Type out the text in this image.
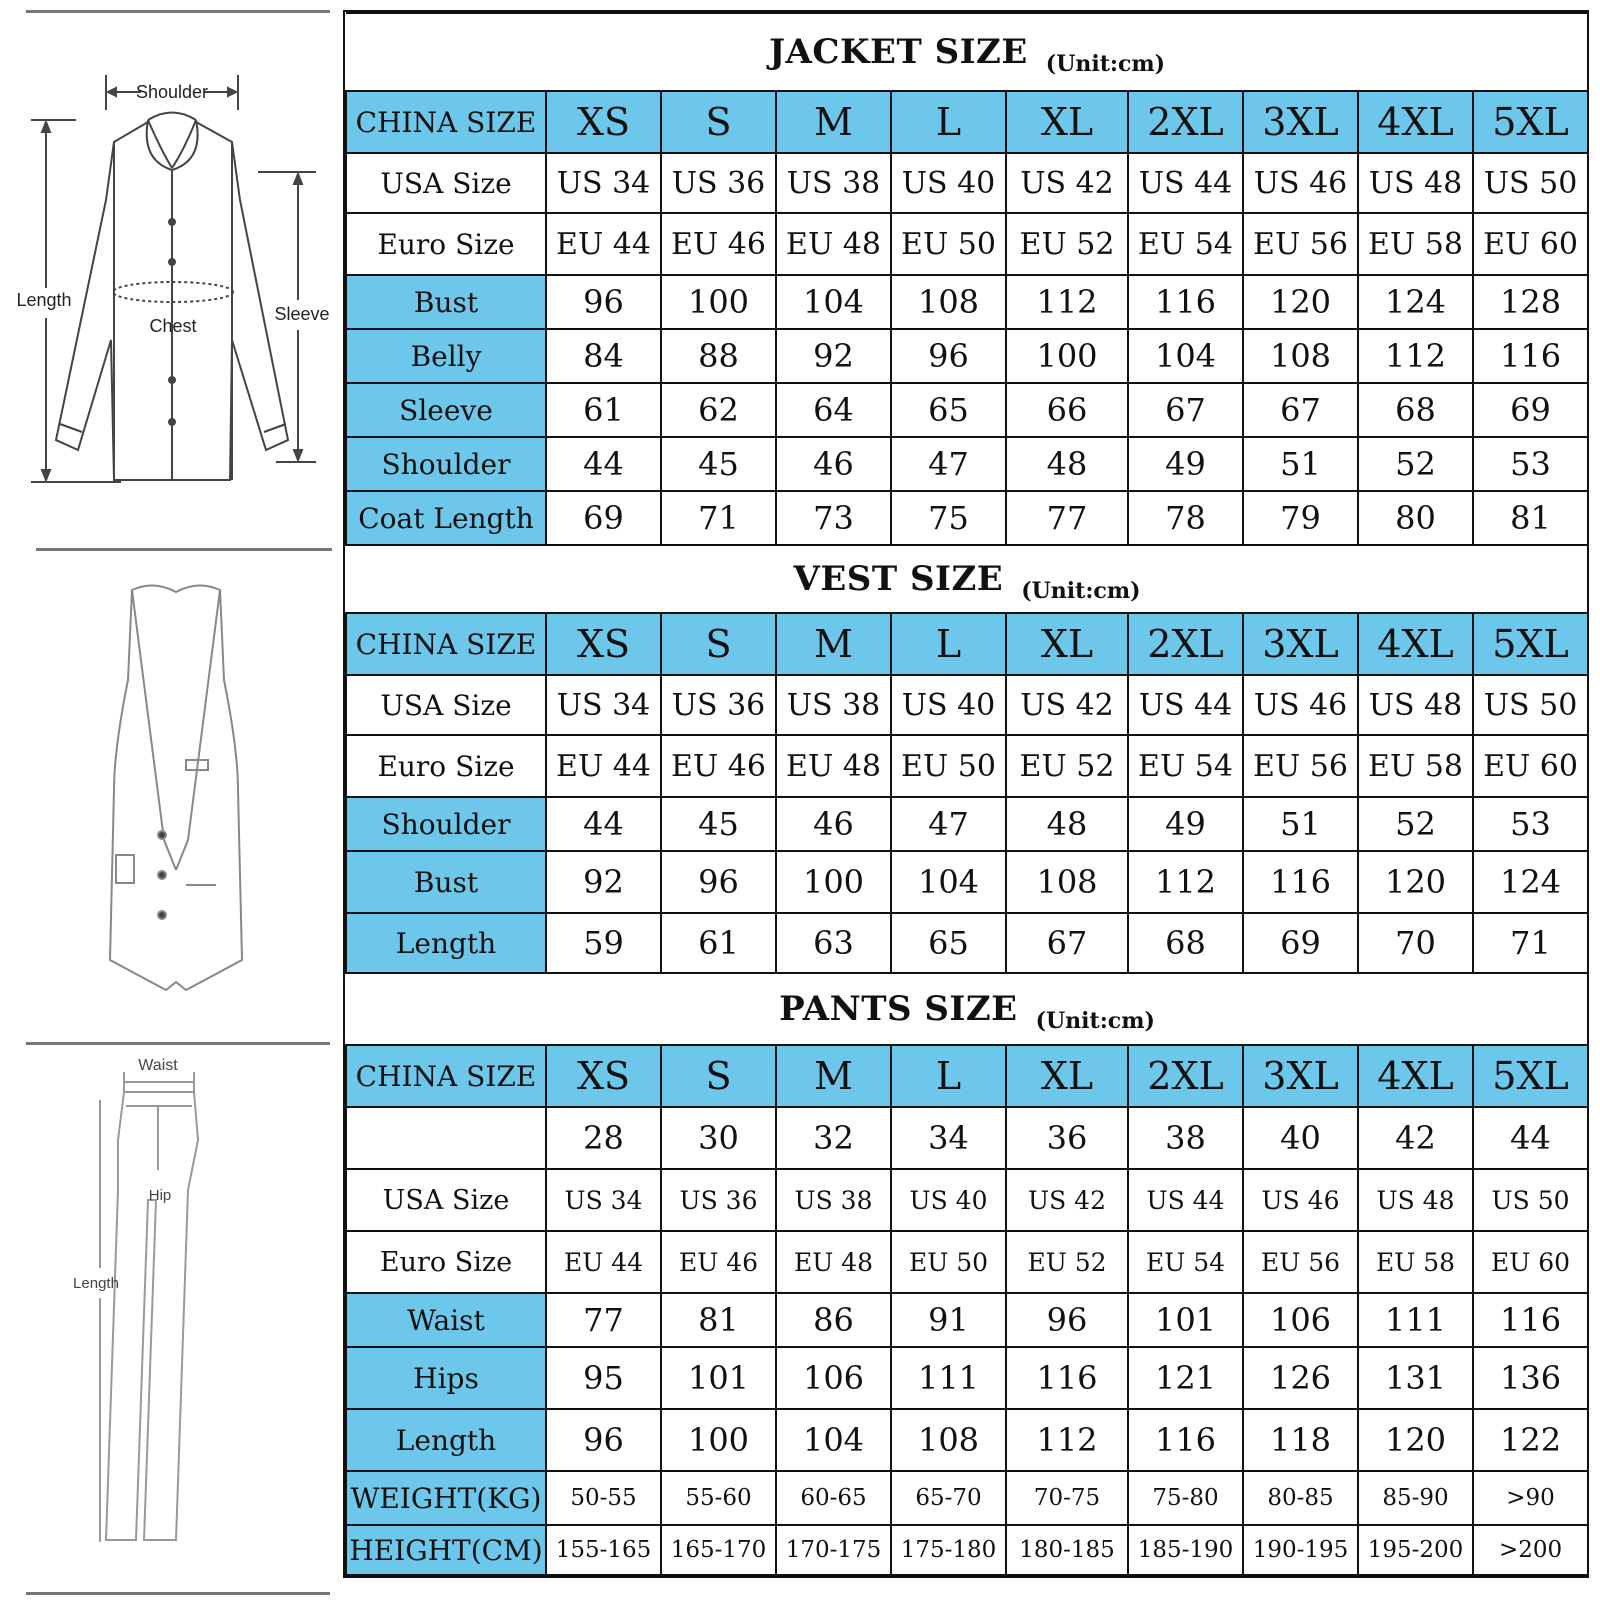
Shoulder
Length
Sleeve
Chest
Waist
Hip
Length
JACKET SIZE (Unit:cm)									

CHINA SIZE	XS	S	M	L	XL	2XL	3XL	4XL	5XL
USA Size	US 34	US 36	US 38	US 40	US 42	US 44	US 46	US 48	US 50
Euro Size	EU 44	EU 46	EU 48	EU 50	EU 52	EU 54	EU 56	EU 58	EU 60
Bust	96	100	104	108	112	116	120	124	128
Belly	84	88	92	96	100	104	108	112	116
Sleeve	61	62	64	65	66	67	67	68	69
Shoulder	44	45	46	47	48	49	51	52	53
Coat Length	69	71	73	75	77	78	79	80	81

VEST SIZE (Unit:cm)									

CHINA SIZE	XS	S	M	L	XL	2XL	3XL	4XL	5XL
USA Size	US 34	US 36	US 38	US 40	US 42	US 44	US 46	US 48	US 50
Euro Size	EU 44	EU 46	EU 48	EU 50	EU 52	EU 54	EU 56	EU 58	EU 60
Shoulder	44	45	46	47	48	49	51	52	53
Bust	92	96	100	104	108	112	116	120	124
Length	59	61	63	65	67	68	69	70	71

PANTS SIZE (Unit:cm)									

CHINA SIZE	XS	S	M	L	XL	2XL	3XL	4XL	5XL
	28	30	32	34	36	38	40	42	44
USA Size	US 34	US 36	US 38	US 40	US 42	US 44	US 46	US 48	US 50
Euro Size	EU 44	EU 46	EU 48	EU 50	EU 52	EU 54	EU 56	EU 58	EU 60
Waist	77	81	86	91	96	101	106	111	116
Hips	95	101	106	111	116	121	126	131	136
Length	96	100	104	108	112	116	118	120	122
WEIGHT(KG)	50-55	55-60	60-65	65-70	70-75	75-80	80-85	85-90	>90
HEIGHT(CM)	155-165	165-170	170-175	175-180	180-185	185-190	190-195	195-200	>200
